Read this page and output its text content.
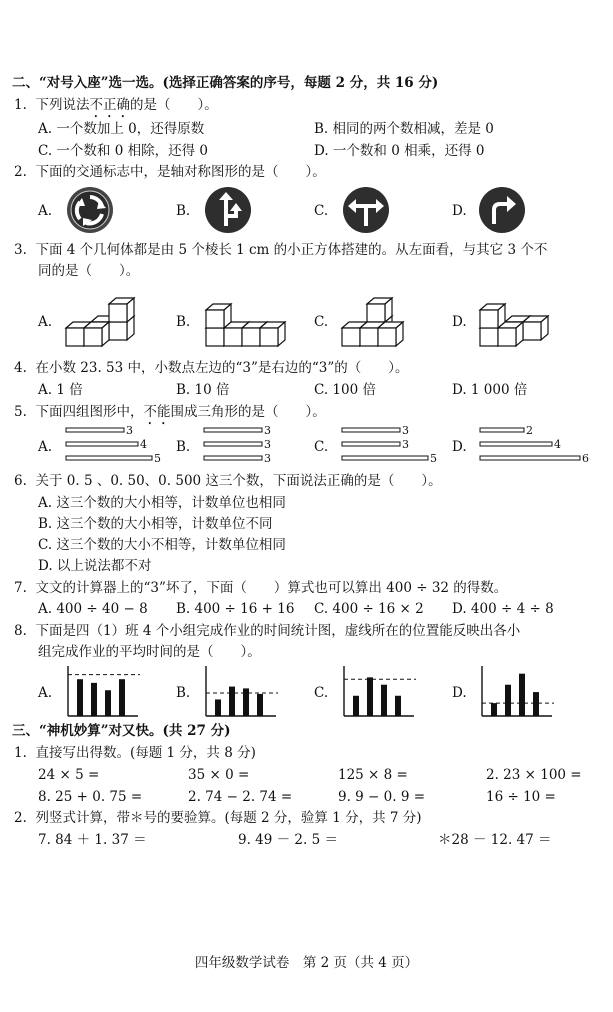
二、“对号入座”选一选。(选择正确答案的序号，每题 2 分，共 16 分)
1. 下列说法不正确的是（　　）。
A. 一个数加上 0，还得原数	B. 相同的两个数相减，差是 0
C. 一个数和 0 相除，还得 0	D. 一个数和 0 相乘，还得 0
2. 下面的交通标志中，是轴对称图形的是（　　）。
A.	B.	C.	D.
3. 下面 4 个几何体都是由 5 个棱长 1 cm 的小正方体搭建的。从左面看，与其它 3 个不
同的是（　　）。
A.	B.	C.	D.
4. 在小数 23. 53 中，小数点左边的“3”是右边的“3”的（　　）。
A. 1 倍	B. 10 倍	C. 100 倍	D. 1 000 倍
5. 下面四组图形中，不能围成三角形的是（　　）。
A.	B.	C.	D.
3
4
5
3
3
3
3
3
5
2
4
6
6. 关于 0. 5 、0. 50、0. 500 这三个数，下面说法正确的是（　　）。
A. 这三个数的大小相等，计数单位也相同
B. 这三个数的大小相等，计数单位不同
C. 这三个数的大小不相等，计数单位相同
D. 以上说法都不对
7. 文文的计算器上的“3”坏了，下面（　　）算式也可以算出 400 ÷ 32 的得数。
A. 400 ÷ 40 − 8 B. 400 ÷ 16 + 16 C. 400 ÷ 16 × 2 D. 400 ÷ 4 ÷ 8
8. 下面是四（1）班 4 个小组完成作业的时间统计图，虚线所在的位置能反映出各小
组完成作业的平均时间的是（　　）。
A.	B.	C.	D.
三、“神机妙算”对又快。(共 27 分)
1. 直接写出得数。(每题 1 分，共 8 分)
24 × 5 =	35 × 0 =	125 × 8 =	2. 23 × 100 =
8. 25 + 0. 75 =	2. 74 − 2. 74 =	9. 9 − 0. 9 =	16 ÷ 10 =
2. 列竖式计算，带＊号的要验算。(每题 2 分，验算 1 分，共 7 分)
7. 84 ＋ 1. 37 ＝	9. 49 － 2. 5 ＝	＊28 － 12. 47 ＝
四年级数学试卷　第 2 页（共 4 页）
